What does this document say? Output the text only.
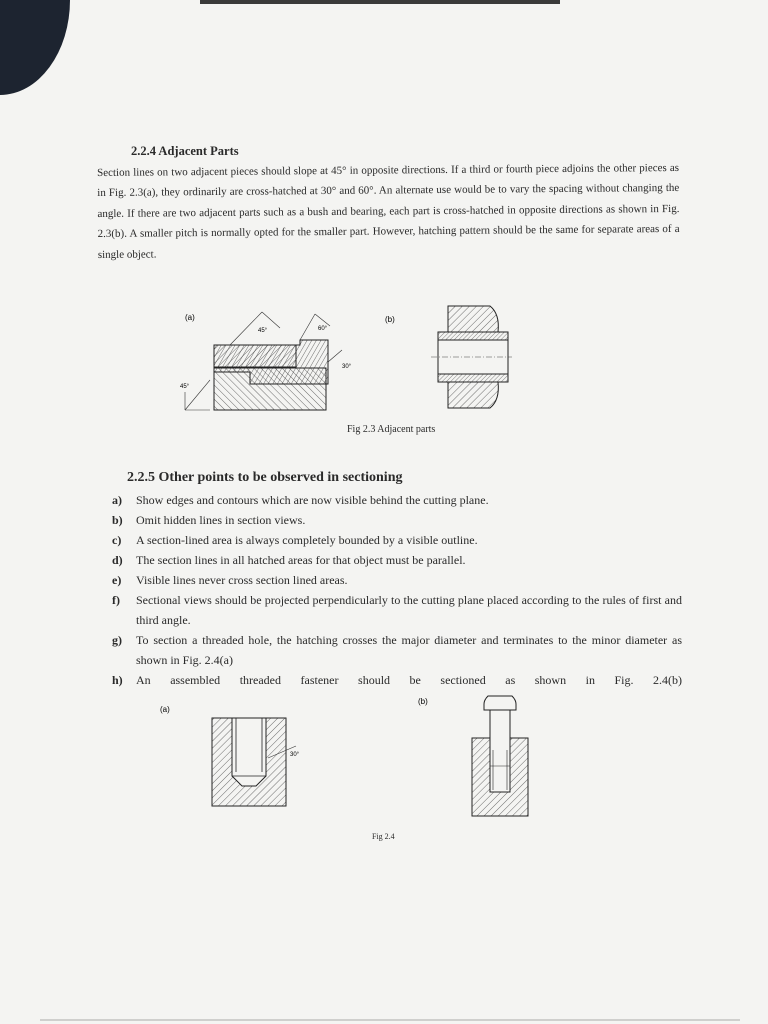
2.2.4 Adjacent Parts

Section lines on two adjacent pieces should slope at 45° in opposite directions. If a third or fourth piece adjoins the other pieces as in Fig. 2.3(a), they ordinarily are cross-hatched at 30° and 60°. An alternate use would be to vary the spacing without changing the angle. If there are two adjacent parts such as a bush and bearing, each part is cross-hatched in opposite directions as shown in Fig. 2.3(b). A smaller pitch is normally opted for the smaller part. However, hatching pattern should be the same for separate areas of a single object.

(a)
45°	60°
30°
45°
(b)

Fig 2.3 Adjacent parts

2.2.5 Other points to be observed in sectioning
a)	Show edges and contours which are now visible behind the cutting plane.
b)	Omit hidden lines in section views.
c)	A section-lined area is always completely bounded by a visible outline.
d)	The section lines in all hatched areas for that object must be parallel.
e)	Visible lines never cross section lined areas.
f)	Sectional views should be projected perpendicularly to the cutting plane placed according to the rules of first and third angle.
g)	To section a threaded hole, the hatching crosses the major diameter and terminates to the minor diameter as shown in Fig. 2.4(a)
h)	An assembled threaded fastener should be sectioned as shown in Fig. 2.4(b)
(a)
30°
(b)

Fig 2.4
